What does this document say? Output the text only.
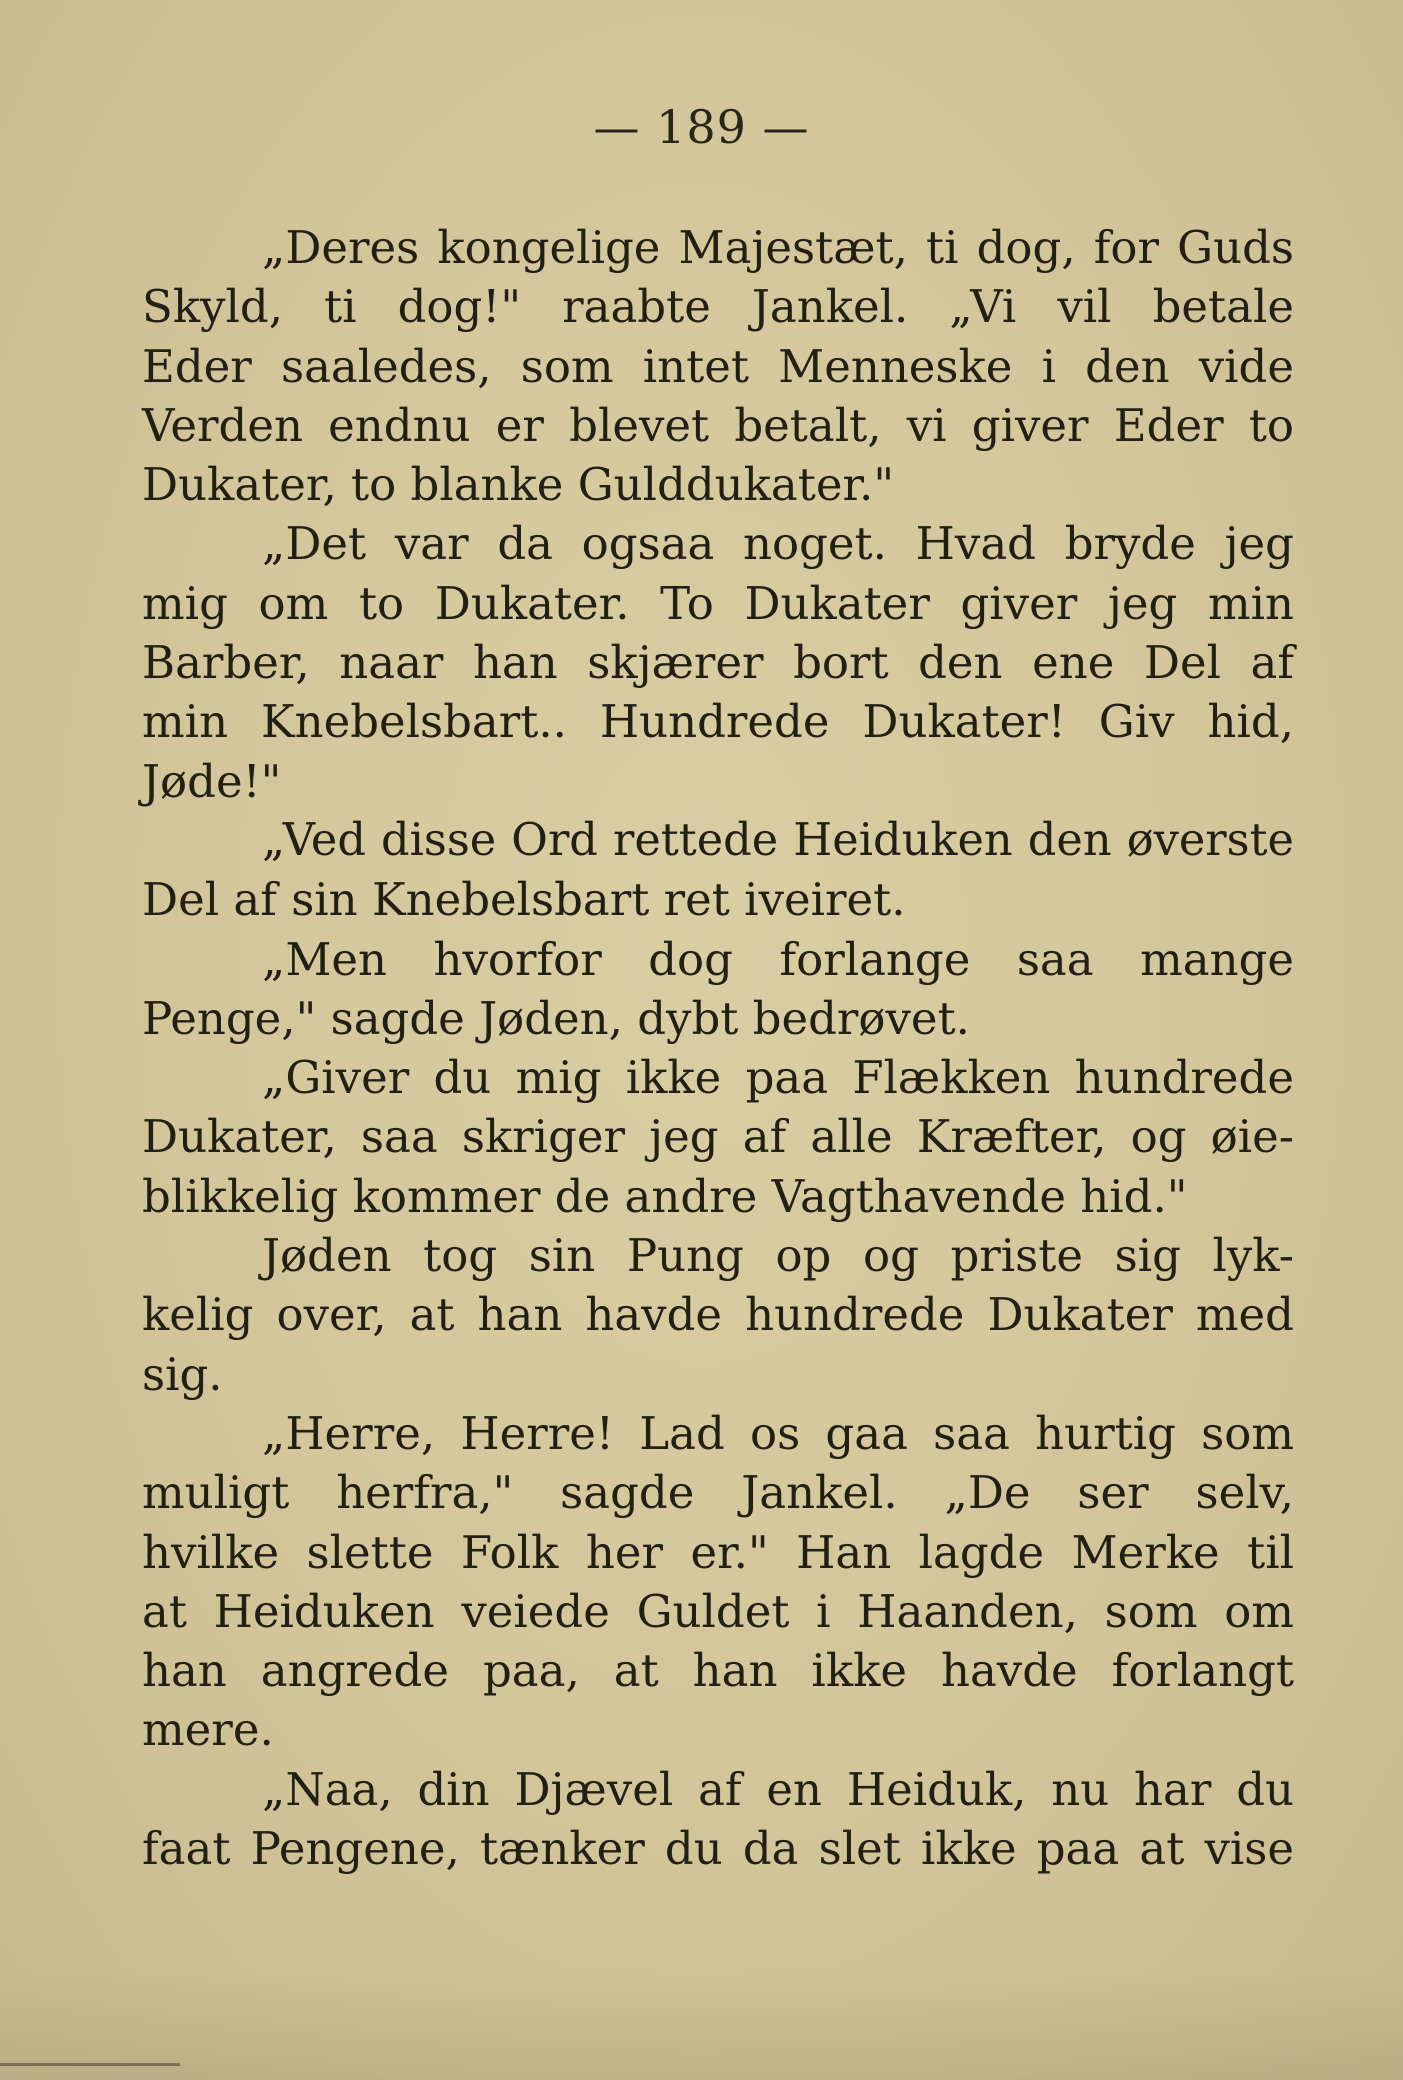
— 189 —
„Deres kongelige Majestæt, ti dog, for Guds
Skyld, ti dog!" raabte Jankel. „Vi vil betale
Eder saaledes, som intet Menneske i den vide
Verden endnu er blevet betalt, vi giver Eder to
Dukater, to blanke Gulddukater."
„Det var da ogsaa noget. Hvad bryde jeg
mig om to Dukater. To Dukater giver jeg min
Barber, naar han skjærer bort den ene Del af
min Knebelsbart.. Hundrede Dukater! Giv hid,
Jøde!"
„Ved disse Ord rettede Heiduken den øverste
Del af sin Knebelsbart ret iveiret.
„Men hvorfor dog forlange saa mange
Penge," sagde Jøden, dybt bedrøvet.
„Giver du mig ikke paa Flækken hundrede
Dukater, saa skriger jeg af alle Kræfter, og øie-
blikkelig kommer de andre Vagthavende hid."
Jøden tog sin Pung op og priste sig lyk-
kelig over, at han havde hundrede Dukater med
sig.
„Herre, Herre! Lad os gaa saa hurtig som
muligt herfra," sagde Jankel. „De ser selv,
hvilke slette Folk her er." Han lagde Merke til
at Heiduken veiede Guldet i Haanden, som om
han angrede paa, at han ikke havde forlangt
mere.
„Naa, din Djævel af en Heiduk, nu har du
faat Pengene, tænker du da slet ikke paa at vise
